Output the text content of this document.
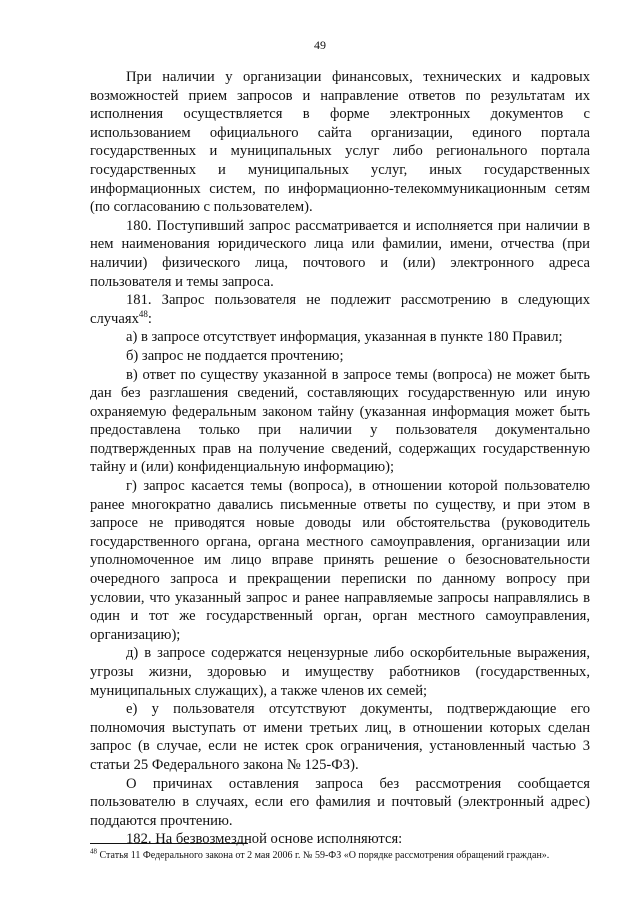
49

При наличии у организации финансовых, технических и кадровых возможностей прием запросов и направление ответов по результатам их исполнения осуществляется в форме электронных документов с использованием официального сайта организации, единого портала государственных и муниципальных услуг либо регионального портала государственных и муниципальных услуг, иных государственных информационных систем, по информационно-телекоммуникационным сетям (по согласованию с пользователем).

180. Поступивший запрос рассматривается и исполняется при наличии в нем наименования юридического лица или фамилии, имени, отчества (при наличии) физического лица, почтового и (или) электронного адреса пользователя и темы запроса.

181. Запрос пользователя не подлежит рассмотрению в следующих случаях$^{48}$:

а) в запросе отсутствует информация, указанная в пункте 180 Правил;

б) запрос не поддается прочтению;

в) ответ по существу указанной в запросе темы (вопроса) не может быть дан без разглашения сведений, составляющих государственную или иную охраняемую федеральным законом тайну (указанная информация может быть предоставлена только при наличии у пользователя документально подтвержденных прав на получение сведений, содержащих государственную тайну и (или) конфиденциальную информацию);

г) запрос касается темы (вопроса), в отношении которой пользователю ранее многократно давались письменные ответы по существу, и при этом в запросе не приводятся новые доводы или обстоятельства (руководитель государственного органа, органа местного самоуправления, организации или уполномоченное им лицо вправе принять решение о безосновательности очередного запроса и прекращении переписки по данному вопросу при условии, что указанный запрос и ранее направляемые запросы направлялись в один и тот же государственный орган, орган местного самоуправления, организацию);

д) в запросе содержатся нецензурные либо оскорбительные выражения, угрозы жизни, здоровью и имуществу работников (государственных, муниципальных служащих), а также членов их семей;

е) у пользователя отсутствуют документы, подтверждающие его полномочия выступать от имени третьих лиц, в отношении которых сделан запрос (в случае, если не истек срок ограничения, установленный частью 3 статьи 25 Федерального закона № 125-ФЗ).

О причинах оставления запроса без рассмотрения сообщается пользователю в случаях, если его фамилия и почтовый (электронный адрес) поддаются прочтению.

182. На безвозмездной основе исполняются:

$^{48}$ Статья 11 Федерального закона от 2 мая 2006 г. № 59-ФЗ «О порядке рассмотрения обращений граждан».
